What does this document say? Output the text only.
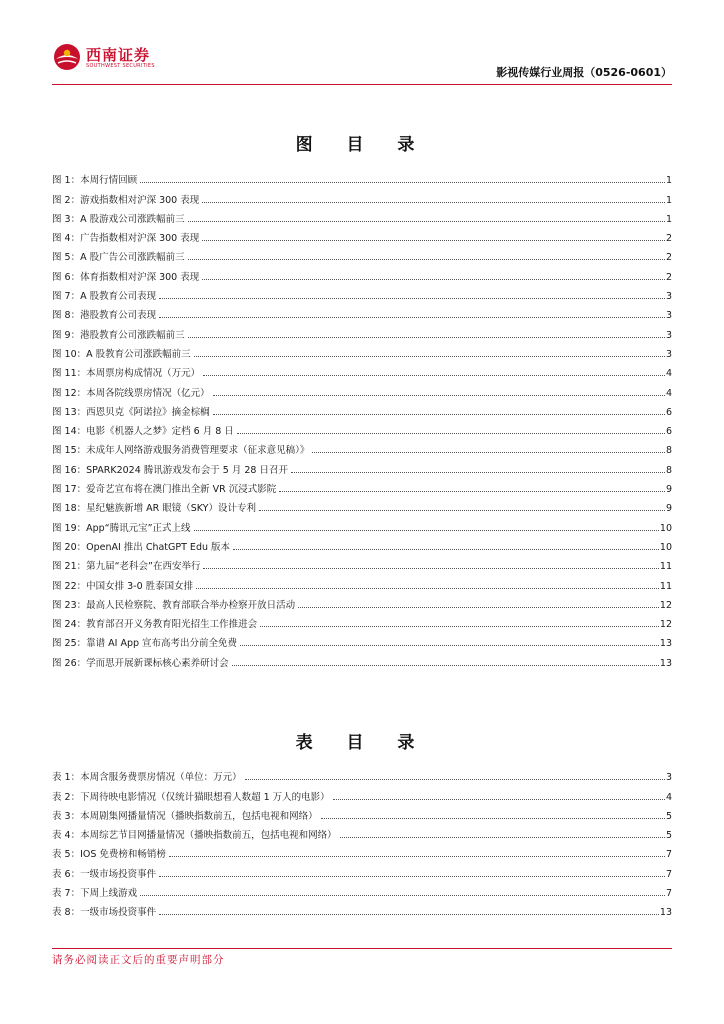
西南证券
SOUTHWEST SECURITIES	影视传媒行业周报（0526-0601）
图 目 录
图 1：本周行情回顾	1
图 2：游戏指数相对沪深 300 表现	1
图 3：A 股游戏公司涨跌幅前三	1
图 4：广告指数相对沪深 300 表现	2
图 5：A 股广告公司涨跌幅前三	2
图 6：体育指数相对沪深 300 表现	2
图 7：A 股教育公司表现	3
图 8：港股教育公司表现	3
图 9：港股教育公司涨跌幅前三	3
图 10：A 股教育公司涨跌幅前三	3
图 11：本周票房构成情况（万元）	4
图 12：本周各院线票房情况（亿元）	4
图 13：西恩贝克《阿诺拉》摘金棕榈	6
图 14：电影《机器人之梦》定档 6 月 8 日	6
图 15：未成年人网络游戏服务消费管理要求（征求意见稿）》	8
图 16：SPARK2024 腾讯游戏发布会于 5 月 28 日召开	8
图 17：爱奇艺宣布将在澳门推出全新 VR 沉浸式影院	9
图 18：星纪魅族新增 AR 眼镜（SKY）设计专利	9
图 19：App“腾讯元宝”正式上线	10
图 20：OpenAI 推出 ChatGPT Edu 版本	10
图 21：第九届“老科会”在西安举行	11
图 22：中国女排 3-0 胜泰国女排	11
图 23：最高人民检察院、教育部联合举办检察开放日活动	12
图 24：教育部召开义务教育阳光招生工作推进会	12
图 25：靠谱 AI App 宣布高考出分前全免费	13
图 26：学而思开展新课标核心素养研讨会	13
表 目 录
表 1：本周含服务费票房情况（单位：万元）	3
表 2：下周待映电影情况（仅统计猫眼想看人数超 1 万人的电影）	4
表 3：本周剧集网播量情况（播映指数前五，包括电视和网络）	5
表 4：本周综艺节目网播量情况（播映指数前五，包括电视和网络）	5
表 5：IOS 免费榜和畅销榜	7
表 6：一级市场投资事件	7
表 7：下周上线游戏	7
表 8：一级市场投资事件	13
请务必阅读正文后的重要声明部分
